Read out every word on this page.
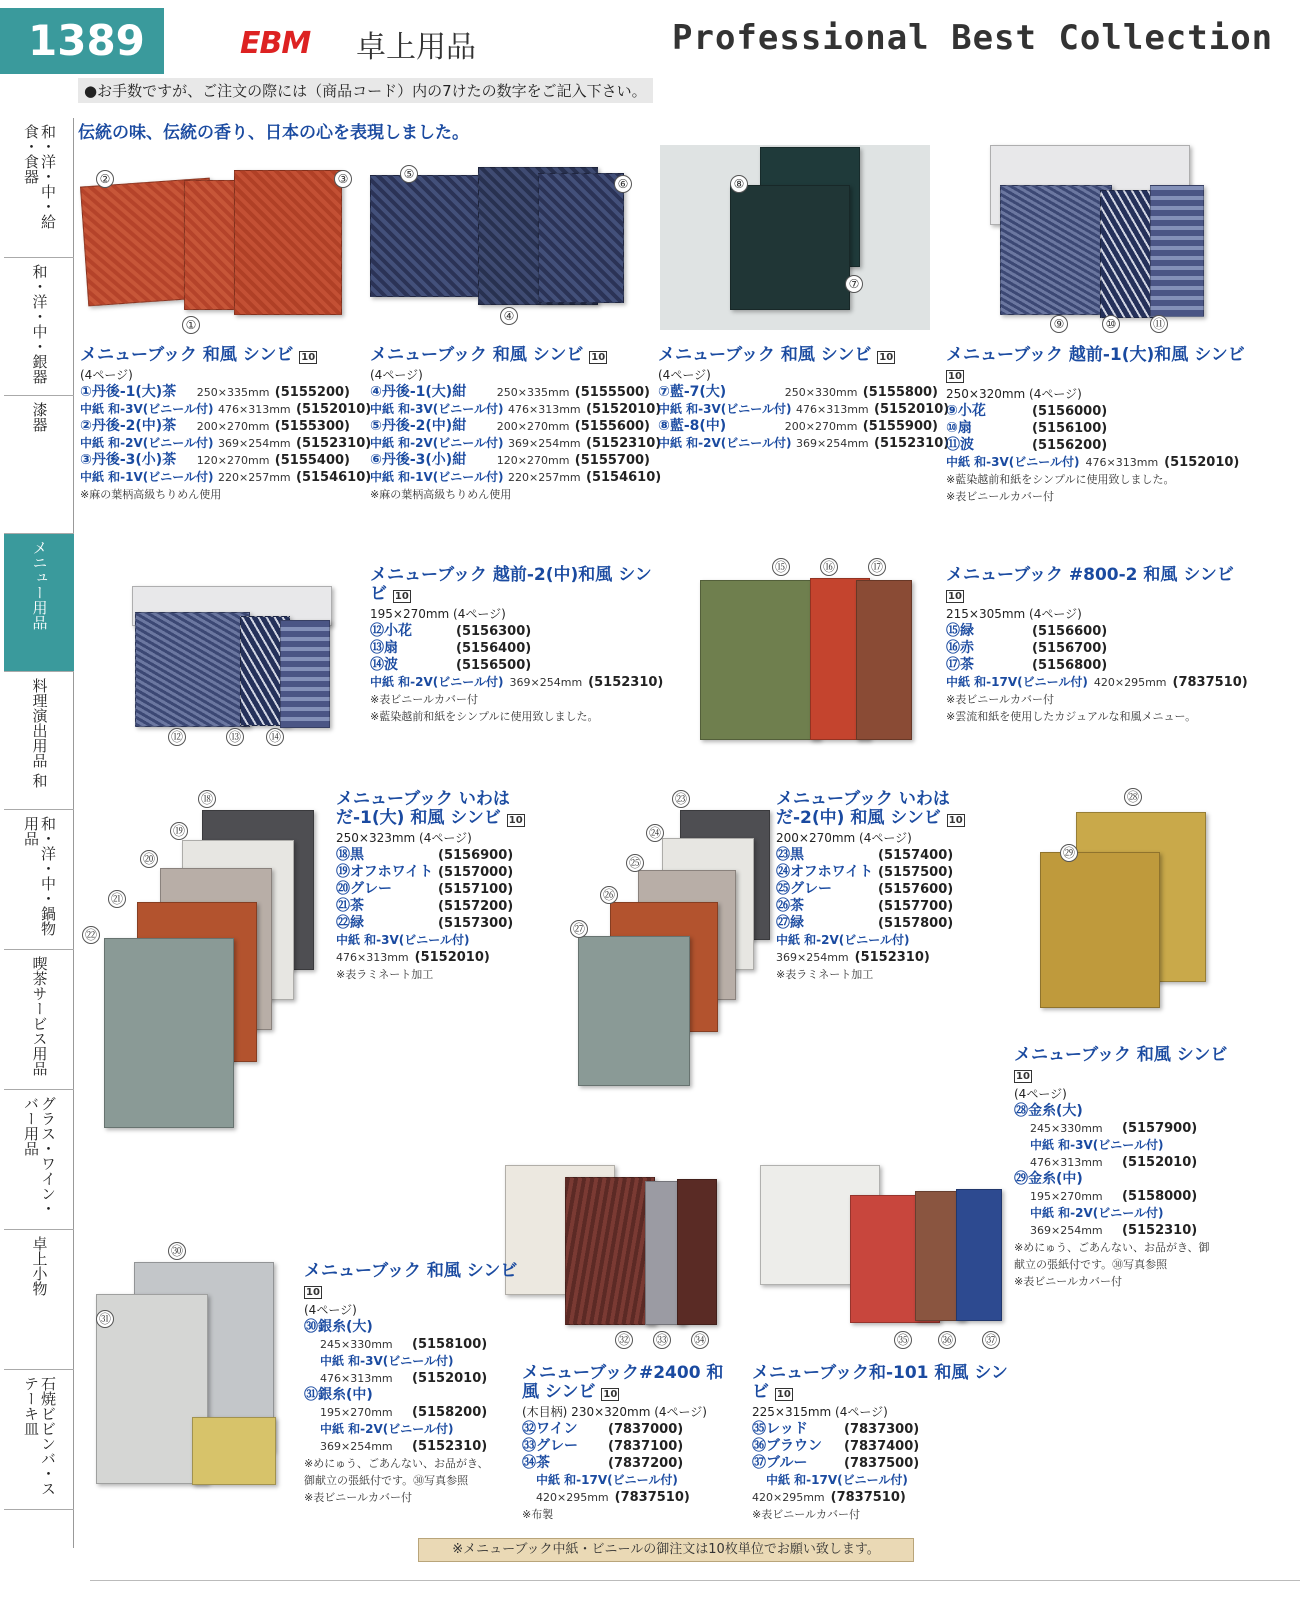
1389	EBM 卓上用品	Professional Best Collection
●お手数ですが、ご注文の際には（商品コード）内の7けたの数字をご記入下さい。
伝統の味、伝統の香り、日本の心を表現しました。
和・洋・中・給食・食器
和・洋・中・銀器
漆器
メニュー用品
料理演出用品 和
和・洋・中・鍋物用品
喫茶サービス用品
グラス・ワイン・バー用品
卓上小物
石焼ビビンバ・ステーキ皿
②	③
①
⑤
⑥
④
⑧
⑦
⑨	⑩	⑪
⑫	⑬ ⑭
⑮	⑯	⑰
⑱
⑲
⑳
㉑
㉒
㉓
㉔
㉕
㉖
㉗
㉘
㉙
㉚
㉛
㉜ ㉝ ㉞	㉟	㊱	㊲
メニューブック 和風 シンビ 10
(4ページ)
①丹後-1(大)茶	250×335mm (5155200)
中紙 和-3V(ビニール付) 476×313mm (5152010)
②丹後-2(中)茶	200×270mm (5155300)
中紙 和-2V(ビニール付) 369×254mm (5152310)
③丹後-3(小)茶	120×270mm (5155400)
中紙 和-1V(ビニール付) 220×257mm (5154610)
※麻の葉柄高級ちりめん使用
メニューブック 和風 シンビ 10
(4ページ)
④丹後-1(大)紺	250×335mm (5155500)
中紙 和-3V(ビニール付) 476×313mm (5152010)
⑤丹後-2(中)紺	200×270mm (5155600)
中紙 和-2V(ビニール付) 369×254mm (5152310)
⑥丹後-3(小)紺	120×270mm (5155700)
中紙 和-1V(ビニール付) 220×257mm (5154610)
※麻の葉柄高級ちりめん使用
メニューブック 和風 シンビ 10
(4ページ)
⑦藍-7(大)	250×330mm (5155800)
中紙 和-3V(ビニール付) 476×313mm (5152010)
⑧藍-8(中)	200×270mm (5155900)
中紙 和-2V(ビニール付) 369×254mm (5152310)
メニューブック 越前-1(大)和風 シンビ 10
250×320mm (4ページ)
⑨小花	(5156000)
⑩扇	(5156100)
⑪波	(5156200)
中紙 和-3V(ビニール付) 476×313mm (5152010)
※藍染越前和紙をシンプルに使用致しました。
※表ビニールカバー付
メニューブック 越前-2(中)和風 シンビ 10
195×270mm (4ページ)
⑫小花	(5156300)
⑬扇	(5156400)
⑭波	(5156500)
中紙 和-2V(ビニール付) 369×254mm (5152310)
※表ビニールカバー付
※藍染越前和紙をシンプルに使用致しました。
メニューブック #800-2 和風 シンビ 10
215×305mm (4ページ)
⑮緑	(5156600)
⑯赤	(5156700)
⑰茶	(5156800)
中紙 和-17V(ビニール付) 420×295mm (7837510)
※表ビニールカバー付
※雲流和紙を使用したカジュアルな和風メニュー。
メニューブック いわはだ-1(大) 和風 シンビ 10
250×323mm (4ページ)
⑱黒	(5156900)
⑲オフホワイト (5157000)
⑳グレー	(5157100)
㉑茶	(5157200)
㉒緑	(5157300)
中紙 和-3V(ビニール付)
476×313mm (5152010)
※表ラミネート加工
メニューブック いわはだ-2(中) 和風 シンビ 10
200×270mm (4ページ)
㉓黒	(5157400)
㉔オフホワイト (5157500)
㉕グレー	(5157600)
㉖茶	(5157700)
㉗緑	(5157800)
中紙 和-2V(ビニール付)
369×254mm (5152310)
※表ラミネート加工
メニューブック 和風 シンビ 10
(4ページ)
㉘金糸(大)
245×330mm	(5157900)
中紙 和-3V(ビニール付)
476×313mm	(5152010)
㉙金糸(中)
195×270mm	(5158000)
中紙 和-2V(ビニール付)
369×254mm	(5152310)
※めにゅう、ごあんない、お品がき、御献立の張紙付です。㉚写真参照
※表ビニールカバー付
メニューブック 和風 シンビ 10
(4ページ)
㉚銀糸(大)
245×330mm	(5158100)
中紙 和-3V(ビニール付)
476×313mm	(5152010)
㉛銀糸(中)
195×270mm	(5158200)
中紙 和-2V(ビニール付)
369×254mm	(5152310)
※めにゅう、ごあんない、お品がき、御献立の張紙付です。㉚写真参照
※表ビニールカバー付
メニューブック#2400 和風 シンビ 10
(木目柄) 230×320mm (4ページ)
㉜ワイン	(7837000)
㉝グレー	(7837100)
㉞茶	(7837200)
中紙 和-17V(ビニール付)
420×295mm (7837510)
※布製
メニューブック和-101 和風 シンビ 10
225×315mm (4ページ)
㉟レッド	(7837300)
㊱ブラウン	(7837400)
㊲ブルー	(7837500)
中紙 和-17V(ビニール付)
420×295mm (7837510)
※表ビニールカバー付
※メニューブック中紙・ビニールの御注文は10枚単位でお願い致します。
